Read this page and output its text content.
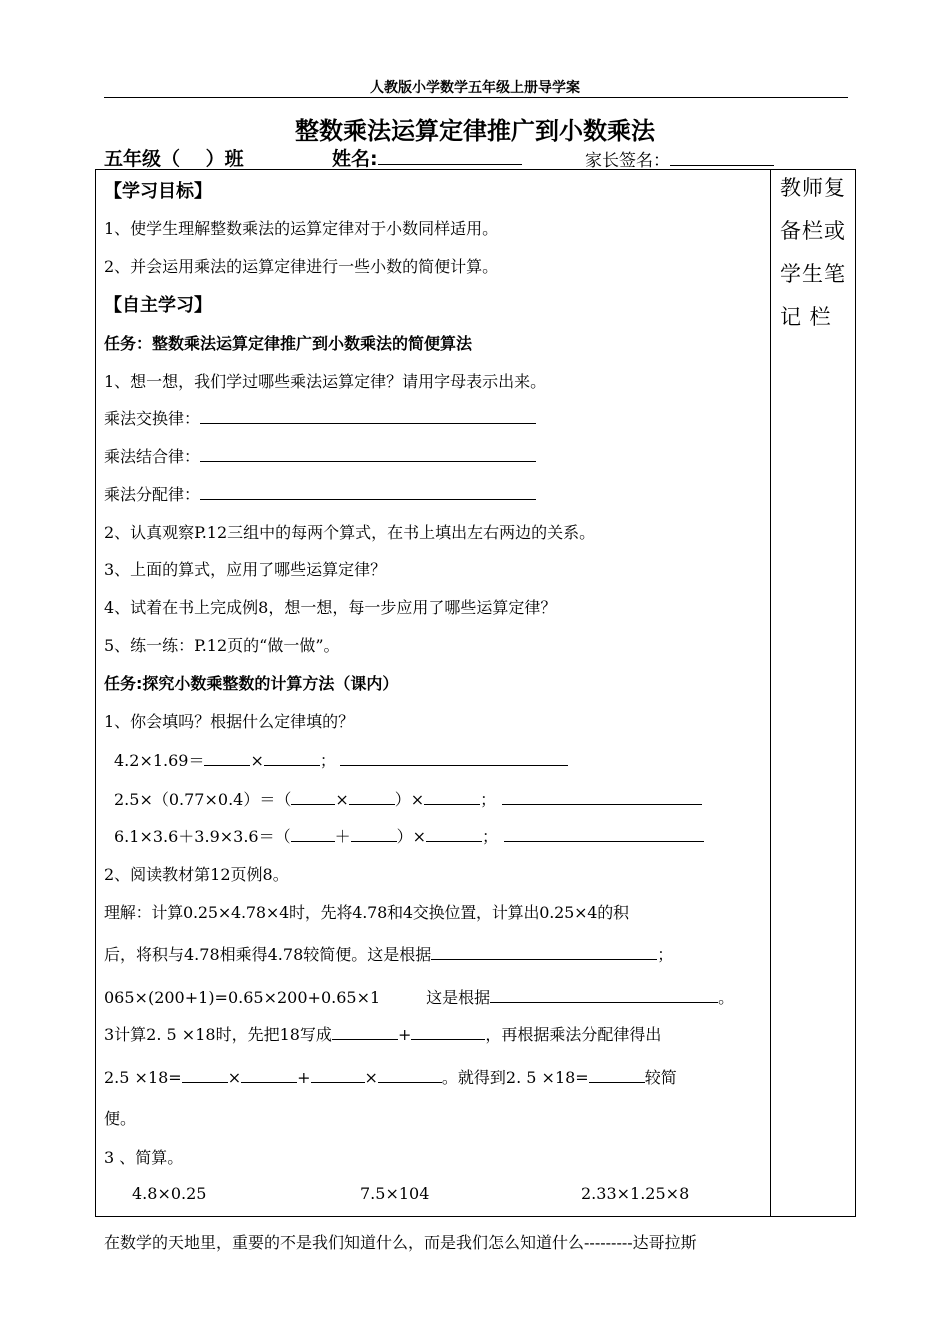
人教版小学数学五年级上册导学案
整数乘法运算定律推广到小数乘法
五年级（　 ）班	姓名:	家长签名：
教师复
备栏或
学生笔
记 栏
【学习目标】
1、使学生理解整数乘法的运算定律对于小数同样适用。
2、并会运用乘法的运算定律进行一些小数的简便计算。
【自主学习】
任务：整数乘法运算定律推广到小数乘法的简便算法
1、想一想，我们学过哪些乘法运算定律？请用字母表示出来。
乘法交换律：
乘法结合律：
乘法分配律：
2、认真观察P.12三组中的每两个算式，在书上填出左右两边的关系。
3、上面的算式，应用了哪些运算定律？
4、试着在书上完成例8，想一想，每一步应用了哪些运算定律？
5、练一练：P.12页的“做一做”。
任务:探究小数乘整数的计算方法（课内）
1、你会填吗？根据什么定律填的？
4.2×1.69＝	×	；
2.5×（0.77×0.4）＝（	×	）×	；
6.1×3.6＋3.9×3.6＝（	＋	）×	；
2、阅读教材第12页例8。
理解：计算0.25×4.78×4时，先将4.78和4交换位置，计算出0.25×4的积
后，将积与4.78相乘得4.78较简便。这是根据	；
065×(200+1)=0.65×200+0.65×1	这是根据	。
3计算2. 5 ×18时，先把18写成	+	，再根据乘法分配律得出
2.5 ×18=	×	+	×	。就得到2. 5 ×18=	较简
便。
3 、简算。
4.8×0.25	7.5×104	2.33×1.25×8
在数学的天地里，重要的不是我们知道什么，而是我们怎么知道什么---------达哥拉斯
